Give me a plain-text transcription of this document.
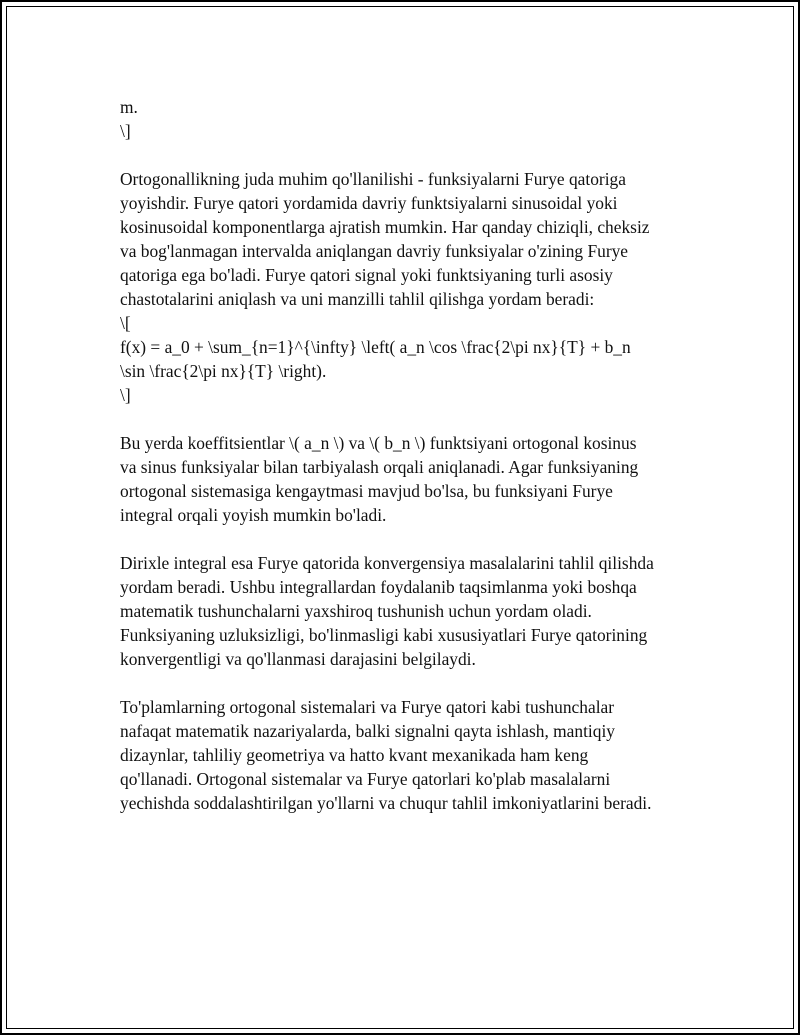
m.
\]

Ortogonallikning juda muhim qo'llanilishi - funksiyalarni Furye qatoriga
yoyishdir. Furye qatori yordamida davriy funktsiyalarni sinusoidal yoki
kosinusoidal komponentlarga ajratish mumkin. Har qanday chiziqli, cheksiz
va bog'lanmagan intervalda aniqlangan davriy funksiyalar o'zining Furye
qatoriga ega bo'ladi. Furye qatori signal yoki funktsiyaning turli asosiy
chastotalarini aniqlash va uni manzilli tahlil qilishga yordam beradi:

\[
f(x) = a_0 + \sum_{n=1}^{\infty} \left( a_n \cos \frac{2\pi nx}{T} + b_n
\sin \frac{2\pi nx}{T} \right).
\]

Bu yerda koeffitsientlar \( a_n \) va \( b_n \) funktsiyani ortogonal kosinus
va sinus funksiyalar bilan tarbiyalash orqali aniqlanadi. Agar funksiyaning
ortogonal sistemasiga kengaytmasi mavjud bo'lsa, bu funksiyani Furye
integral orqali yoyish mumkin bo'ladi.

Dirixle integral esa Furye qatorida konvergensiya masalalarini tahlil qilishda
yordam beradi. Ushbu integrallardan foydalanib taqsimlanma yoki boshqa
matematik tushunchalarni yaxshiroq tushunish uchun yordam oladi.
Funksiyaning uzluksizligi, bo'linmasligi kabi xususiyatlari Furye qatorining
konvergentligi va qo'llanmasi darajasini belgilaydi.

To'plamlarning ortogonal sistemalari va Furye qatori kabi tushunchalar
nafaqat matematik nazariyalarda, balki signalni qayta ishlash, mantiqiy
dizaynlar, tahliliy geometriya va hatto kvant mexanikada ham keng
qo'llanadi. Ortogonal sistemalar va Furye qatorlari ko'plab masalalarni
yechishda soddalashtirilgan yo'llarni va chuqur tahlil imkoniyatlarini beradi.
